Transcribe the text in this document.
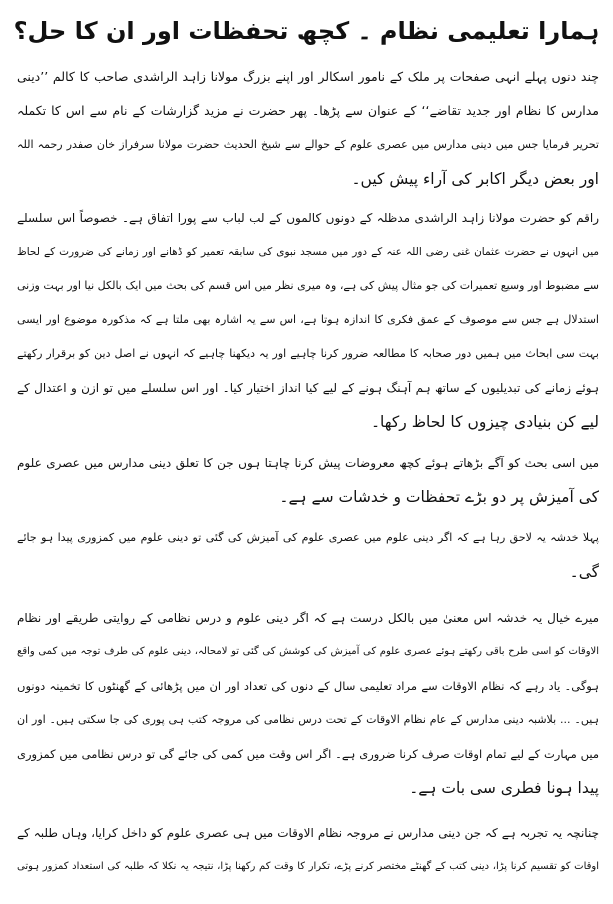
ہمارا تعلیمی نظام ۔ کچھ تحفظات اور ان کا حل؟
چند دنوں پہلے انہی صفحات پر ملک کے نامور اسکالر اور اپنے بزرگ مولانا زاہد الراشدی صاحب کا کالم ’’دینی
مدارس کا نظام اور جدید تقاضے‘‘ کے عنوان سے پڑھا۔ پھر حضرت نے مزید گزارشات کے نام سے اس کا تکملہ
تحریر فرمایا جس میں دینی مدارس میں عصری علوم کے حوالے سے شیخ الحدیث حضرت مولانا سرفراز خان صفدر رحمہ اللہ
اور بعض دیگر اکابر کی آراء پیش کیں۔
راقم کو حضرت مولانا زاہد الراشدی مدظلہ کے دونوں کالموں کے لب لباب سے پورا اتفاق ہے۔ خصوصاً اس سلسلے
میں انہوں نے حضرت عثمان غنی رضی اللہ عنہ کے دور میں مسجد نبوی کی سابقہ تعمیر کو ڈھانے اور زمانے کی ضرورت کے لحاظ
سے مضبوط اور وسیع تعمیرات کی جو مثال پیش کی ہے، وہ میری نظر میں اس قسم کی بحث میں ایک بالکل نیا اور بہت وزنی
استدلال ہے جس سے موصوف کے عمق فکری کا اندازہ ہوتا ہے، اس سے یہ اشارہ بھی ملتا ہے کہ مذکورہ موضوع اور ایسی
بہت سی ابحاث میں ہمیں دور صحابہ کا مطالعہ ضرور کرنا چاہیے اور یہ دیکھنا چاہیے کہ انہوں نے اصل دین کو برقرار رکھتے
ہوئے زمانے کی تبدیلیوں کے ساتھ ہم آہنگ ہونے کے لیے کیا انداز اختیار کیا۔ اور اس سلسلے میں تو ازن و اعتدال کے
لیے کن بنیادی چیزوں کا لحاظ رکھا۔
میں اسی بحث کو آگے بڑھاتے ہوئے کچھ معروضات پیش کرنا چاہتا ہوں جن کا تعلق دینی مدارس میں عصری علوم
کی آمیزش پر دو بڑے تحفظات و خدشات سے ہے۔
پہلا خدشہ یہ لاحق رہا ہے کہ اگر دینی علوم میں عصری علوم کی آمیزش کی گئی تو دینی علوم میں کمزوری پیدا ہو جائے
گی۔
میرے خیال یہ خدشہ اس معنیٰ میں بالکل درست ہے کہ اگر دینی علوم و درس نظامی کے روایتی طریقے اور نظام
الاوقات کو اسی طرح باقی رکھتے ہوئے عصری علوم کی آمیزش کی کوشش کی گئی تو لامحالہ، دینی علوم کی طرف توجہ میں کمی واقع
ہوگی۔ یاد رہے کہ نظام الاوقات سے مراد تعلیمی سال کے دنوں کی تعداد اور ان میں پڑھائی کے گھنٹوں کا تخمینہ دونوں
ہیں۔ ... بلاشبہ دینی مدارس کے عام نظام الاوقات کے تحت درس نظامی کی مروجہ کتب ہی پوری کی جا سکتی ہیں۔ اور ان
میں مہارت کے لیے تمام اوقات صرف کرنا ضروری ہے۔ اگر اس وقت میں کمی کی جائے گی تو درس نظامی میں کمزوری
پیدا ہونا فطری سی بات ہے۔
چنانچہ یہ تجربہ ہے کہ جن دینی مدارس نے مروجہ نظام الاوقات میں ہی عصری علوم کو داخل کرایا، وہاں طلبہ کے
اوقات کو تقسیم کرنا پڑا، دینی کتب کے گھنٹے مختصر کرنے پڑے، تکرار کا وقت کم رکھنا پڑا، نتیجہ یہ نکلا کہ طلبہ کی استعداد کمزور ہوتی
